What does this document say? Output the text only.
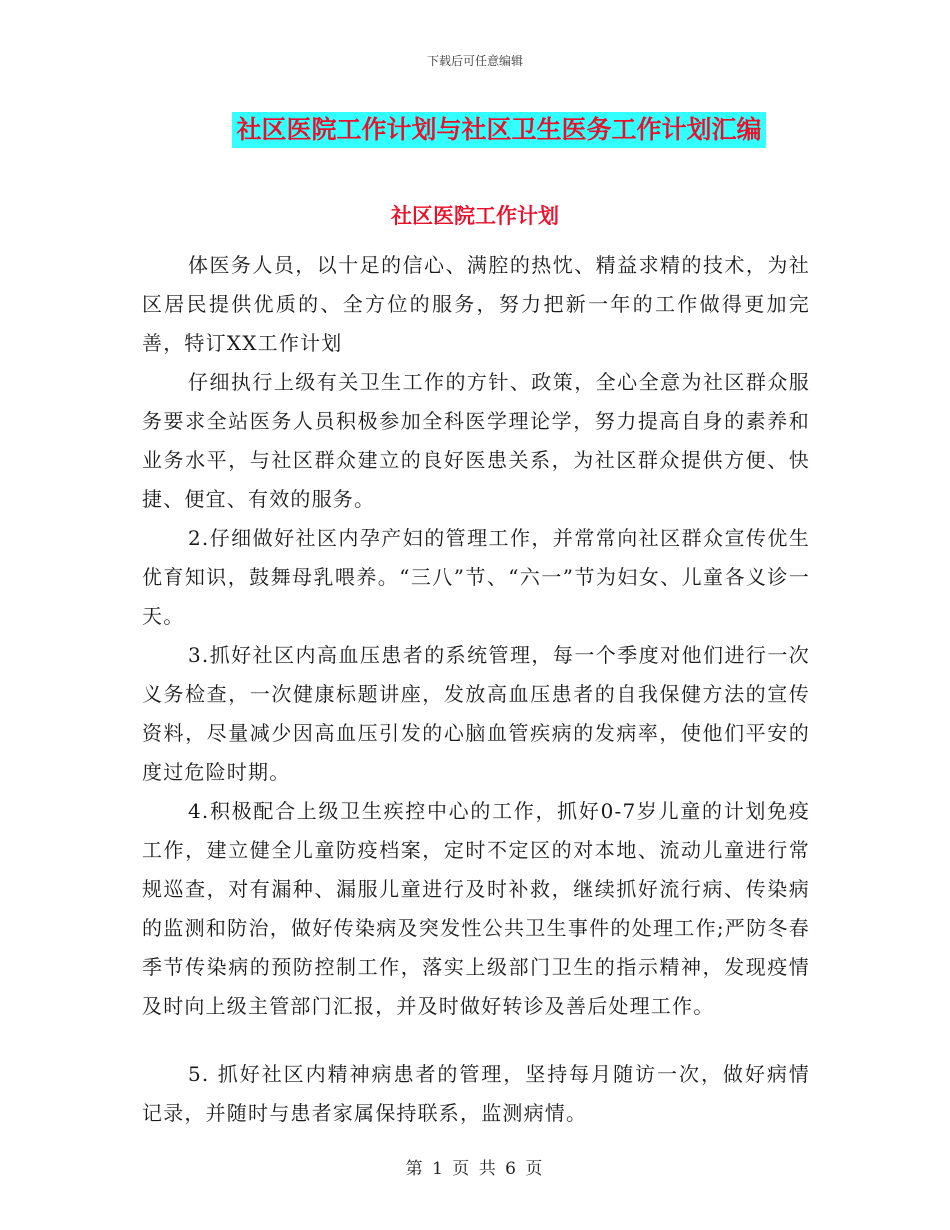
下载后可任意编辑
社区医院工作计划与社区卫生医务工作计划汇编
社区医院工作计划

体医务人员，以十足的信心、满腔的热忱、精益求精的技术，为社区居民提供优质的、全方位的服务，努力把新一年的工作做得更加完善，特订XX工作计划

仔细执行上级有关卫生工作的方针、政策，全心全意为社区群众服务要求全站医务人员积极参加全科医学理论学，努力提高自身的素养和业务水平，与社区群众建立的良好医患关系，为社区群众提供方便、快捷、便宜、有效的服务。

2.仔细做好社区内孕产妇的管理工作，并常常向社区群众宣传优生优育知识，鼓舞母乳喂养。“三八”节、“六一”节为妇女、儿童各义诊一天。

3.抓好社区内高血压患者的系统管理，每一个季度对他们进行一次义务检查，一次健康标题讲座，发放高血压患者的自我保健方法的宣传资料，尽量减少因高血压引发的心脑血管疾病的发病率，使他们平安的度过危险时期。

4.积极配合上级卫生疾控中心的工作，抓好0-7岁儿童的计划免疫工作，建立健全儿童防疫档案，定时不定区的对本地、流动儿童进行常规巡查，对有漏种、漏服儿童进行及时补救，继续抓好流行病、传染病的监测和防治，做好传染病及突发性公共卫生事件的处理工作;严防冬春季节传染病的预防控制工作，落实上级部门卫生的指示精神，发现疫情及时向上级主管部门汇报，并及时做好转诊及善后处理工作。

5. 抓好社区内精神病患者的管理，坚持每月随访一次，做好病情记录，并随时与患者家属保持联系，监测病情。

第 1 页 共 6 页
